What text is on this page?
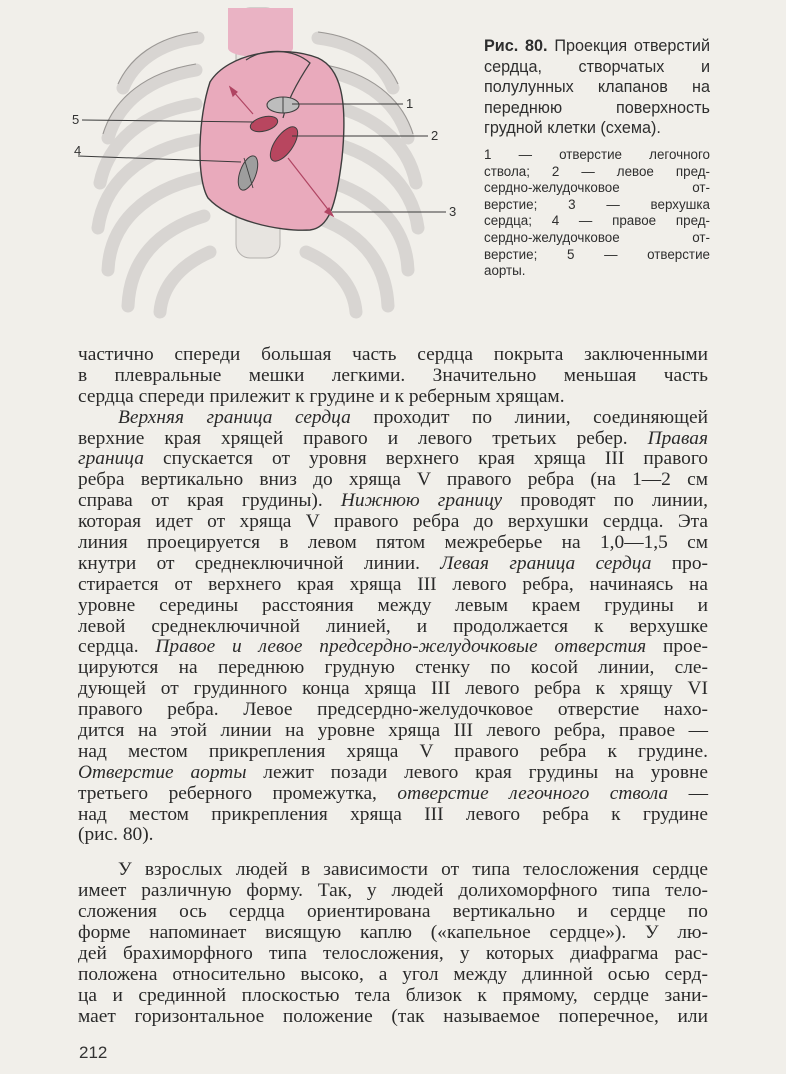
1
2
3
4
5

Рис. 80. Проекция отверстий сердца, створчатых и полулунных клапанов на переднюю поверхность грудной клетки (схема).

1 — отверстие легочного
ствола; 2 — левое пред-
сердно-желудочковое от-
верстие; 3 — верхушка
сердца; 4 — правое пред-
сердно-желудочковое от-
верстие; 5 — отверстие
аорты.
частично спереди большая часть сердца покрыта заключенными
в плевральные мешки легкими. Значительно меньшая часть
сердца спереди прилежит к грудине и к реберным хрящам.
Верхняя граница сердца проходит по линии, соединяющей
верхние края хрящей правого и левого третьих ребер. Правая
граница спускается от уровня верхнего края хряща III правого
ребра вертикально вниз до хряща V правого ребра (на 1—2 см
справа от края грудины). Нижнюю границу проводят по линии,
которая идет от хряща V правого ребра до верхушки сердца. Эта
линия проецируется в левом пятом межреберье на 1,0—1,5 см
кнутри от среднеключичной линии. Левая граница сердца про-
стирается от верхнего края хряща III левого ребра, начинаясь на
уровне середины расстояния между левым краем грудины и
левой среднеключичной линией, и продолжается к верхушке
сердца. Правое и левое предсердно-желудочковые отверстия прое-
цируются на переднюю грудную стенку по косой линии, сле-
дующей от грудинного конца хряща III левого ребра к хрящу VI
правого ребра. Левое предсердно-желудочковое отверстие нахо-
дится на этой линии на уровне хряща III левого ребра, правое —
над местом прикрепления хряща V правого ребра к грудине.
Отверстие аорты лежит позади левого края грудины на уровне
третьего реберного промежутка, отверстие легочного ствола —
над местом прикрепления хряща III левого ребра к грудине
(рис. 80).
У взрослых людей в зависимости от типа телосложения сердце
имеет различную форму. Так, у людей долихоморфного типа тело-
сложения ось сердца ориентирована вертикально и сердце по
форме напоминает висящую каплю («капельное сердце»). У лю-
дей брахиморфного типа телосложения, у которых диафрагма рас-
положена относительно высоко, а угол между длинной осью серд-
ца и срединной плоскостью тела близок к прямому, сердце зани-
мает горизонтальное положение (так называемое поперечное, или
212
